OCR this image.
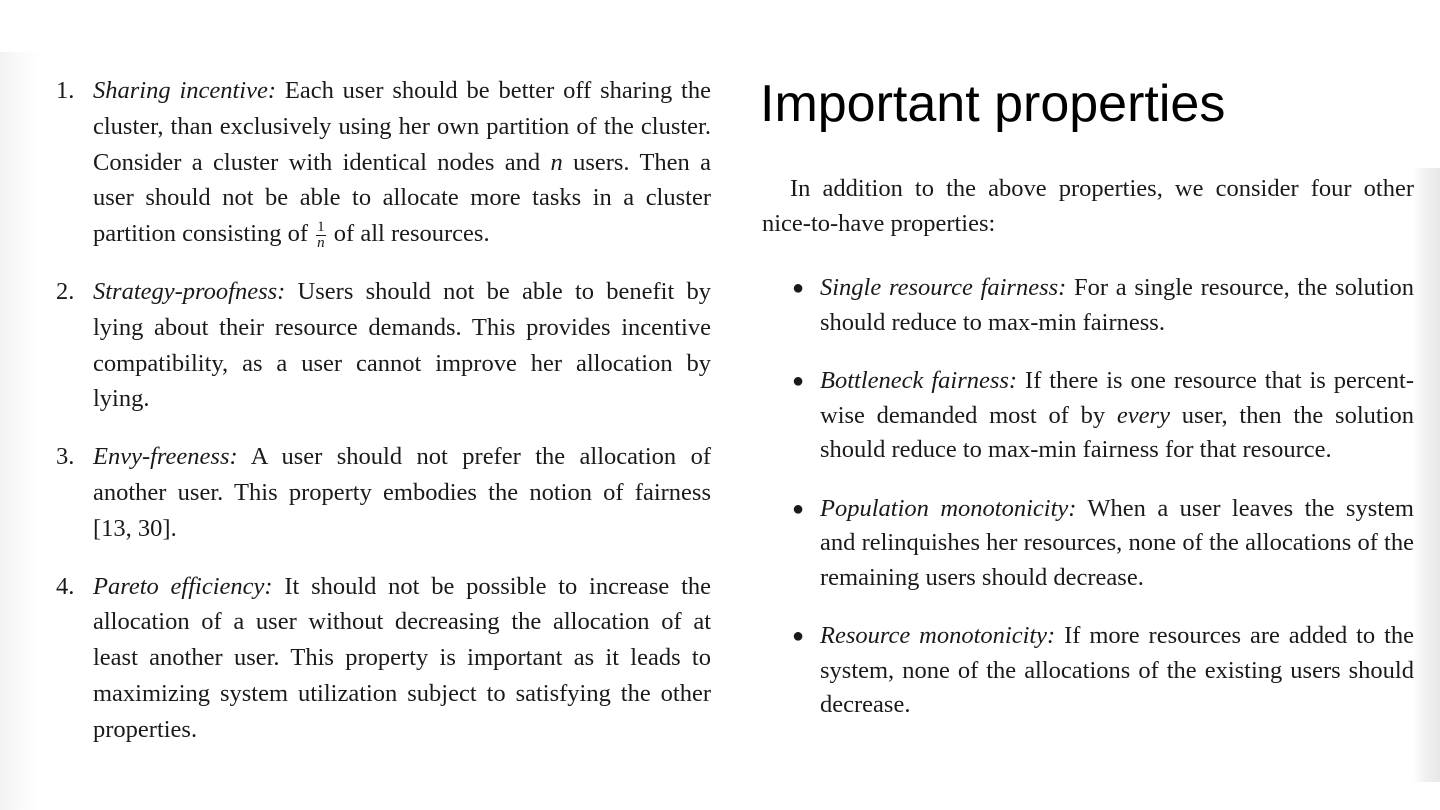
Important properties
1. Sharing incentive: Each user should be better off sharing the cluster, than exclusively using her own partition of the cluster. Consider a cluster with identical nodes and n users. Then a user should not be able to allocate more tasks in a cluster partition consisting of $\frac{1}{n}$ of all resources.
2. Strategy-proofness: Users should not be able to benefit by lying about their resource demands. This provides incentive compatibility, as a user cannot improve her allocation by lying.
3. Envy-freeness: A user should not prefer the allocation of another user. This property embodies the notion of fairness [13, 30].
4. Pareto efficiency: It should not be possible to increase the allocation of a user without decreasing the allocation of at least another user. This property is important as it leads to maximizing system utilization subject to satisfying the other properties.

In addition to the above properties, we consider four other nice-to-have properties:

● Single resource fairness: For a single resource, the solution should reduce to max-min fairness.
● Bottleneck fairness: If there is one resource that is percent-wise demanded most of by every user, then the solution should reduce to max-min fairness for that resource.
● Population monotonicity: When a user leaves the system and relinquishes her resources, none of the allocations of the remaining users should decrease.
● Resource monotonicity: If more resources are added to the system, none of the allocations of the existing users should decrease.
